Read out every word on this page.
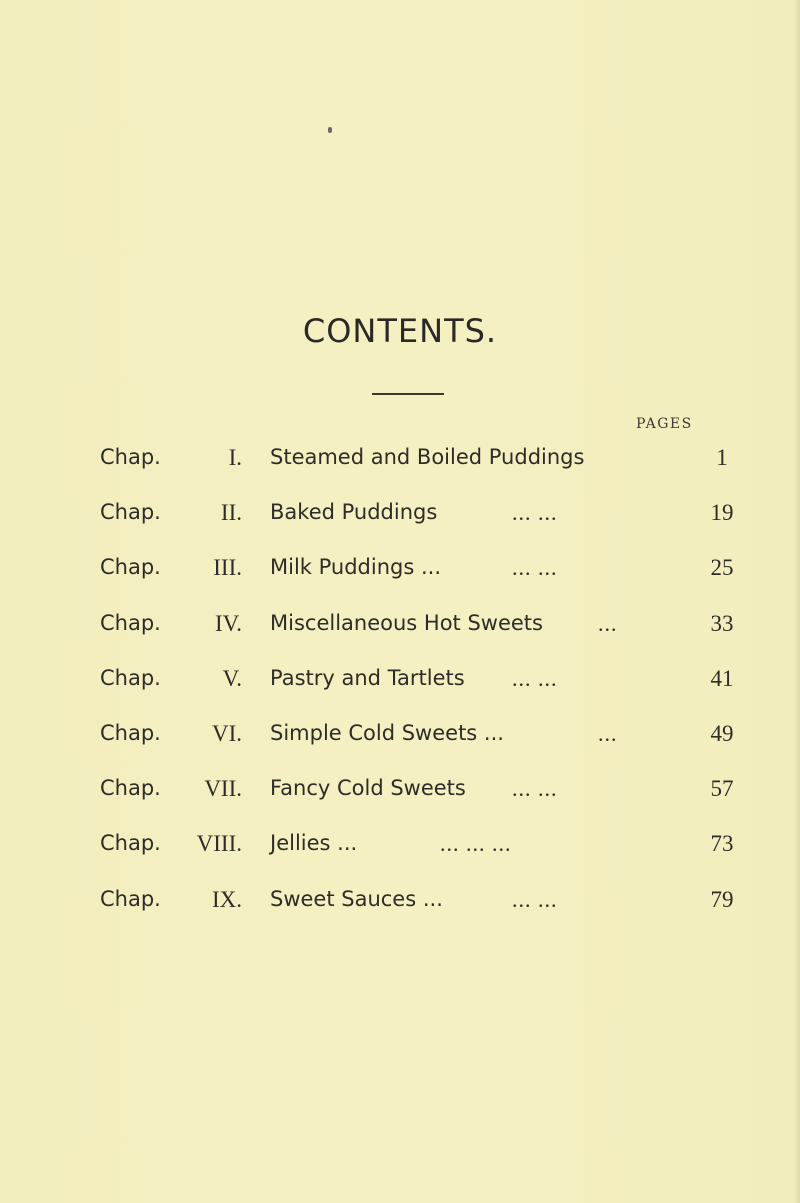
CONTENTS.
PAGES
Chap.	I. Steamed and Boiled Puddings	1
Chap.	II. Baked Puddings	... ...	19
Chap. III. Milk Puddings ...	... ...	25
Chap. IV. Miscellaneous Hot Sweets	...	33
Chap.	V. Pastry and Tartlets ... ...	41
Chap. VI. Simple Cold Sweets ...	...	49
Chap. VII. Fancy Cold Sweets ... ...	57
Chap. VIII. Jellies ...	... ... ...	73
Chap. IX. Sweet Sauces ...	... ...	79
